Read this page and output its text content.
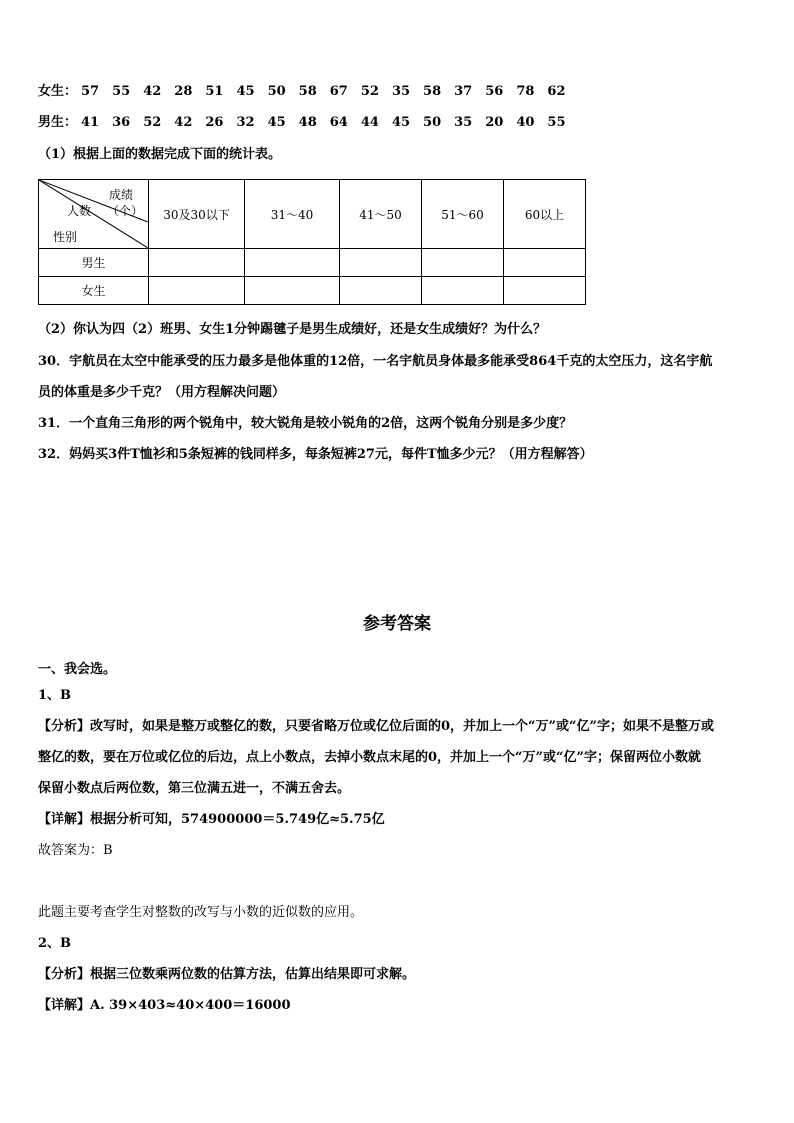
女生： 57 55 42 28 51 45 50 58 67 52 35 58 37 56 78 62
男生： 41 36 52 42 26 32 45 48 64 44 45 50 35 20 40 55
（1）根据上面的数据完成下面的统计表。
成绩
（个）
人数
性别	30及30以下	31～40	41～50	51～60	60以上
男生					
女生					
（2）你认为四（2）班男、女生1分钟踢毽子是男生成绩好，还是女生成绩好？为什么？
30．宇航员在太空中能承受的压力最多是他体重的12倍，一名宇航员身体最多能承受864千克的太空压力，这名宇航
员的体重是多少千克？（用方程解决问题）
31．一个直角三角形的两个锐角中，较大锐角是较小锐角的2倍，这两个锐角分别是多少度？
32．妈妈买3件T恤衫和5条短裤的钱同样多，每条短裤27元，每件T恤多少元？（用方程解答）
参考答案
一、我会选。
1、B
【分析】改写时，如果是整万或整亿的数，只要省略万位或亿位后面的0，并加上一个“万”或“亿”字；如果不是整万或
整亿的数，要在万位或亿位的后边，点上小数点，去掉小数点末尾的0，并加上一个“万”或“亿”字；保留两位小数就
保留小数点后两位数，第三位满五进一，不满五舍去。
【详解】根据分析可知，574900000＝5.749亿≈5.75亿
故答案为：B
此题主要考查学生对整数的改写与小数的近似数的应用。
2、B
【分析】根据三位数乘两位数的估算方法，估算出结果即可求解。
【详解】A. 39×403≈40×400＝16000
